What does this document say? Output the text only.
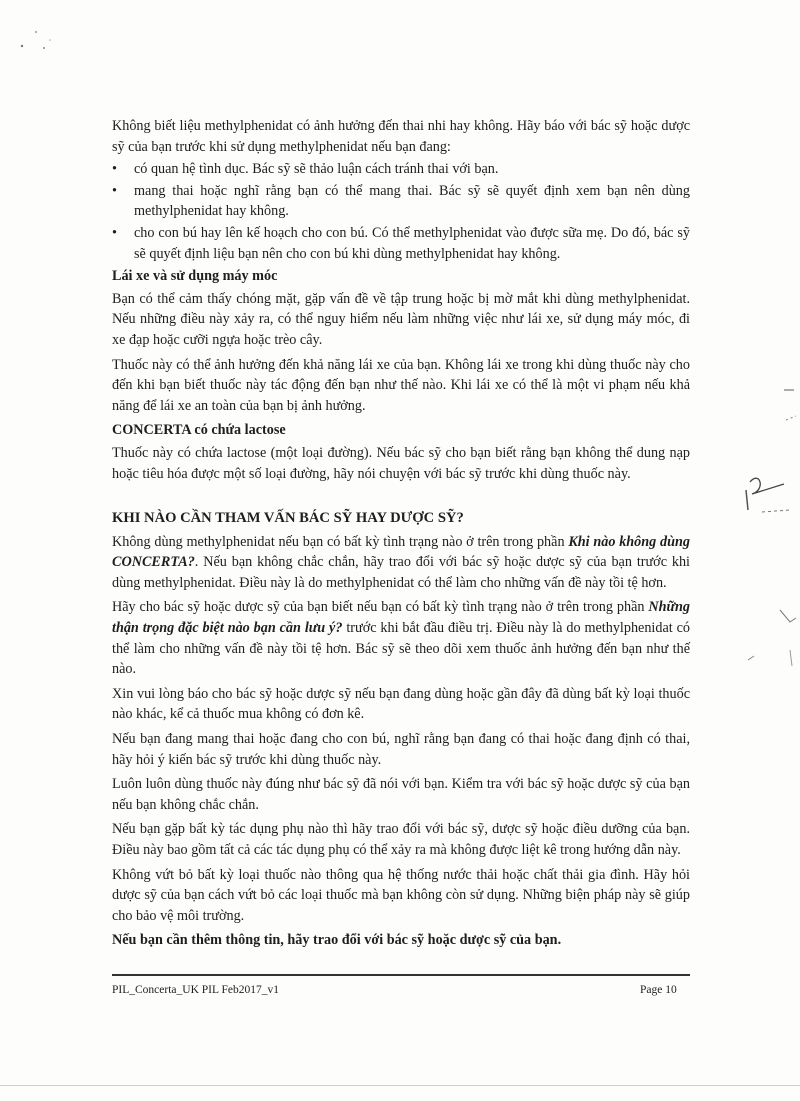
Không biết liệu methylphenidat có ảnh hưởng đến thai nhi hay không. Hãy báo với bác sỹ hoặc dược sỹ của bạn trước khi sử dụng methylphenidat nếu bạn đang:

• có quan hệ tình dục. Bác sỹ sẽ thảo luận cách tránh thai với bạn.
• mang thai hoặc nghĩ rằng bạn có thể mang thai. Bác sỹ sẽ quyết định xem bạn nên dùng methylphenidat hay không.
• cho con bú hay lên kế hoạch cho con bú. Có thể methylphenidat vào được sữa mẹ. Do đó, bác sỹ sẽ quyết định liệu bạn nên cho con bú khi dùng methylphenidat hay không.
Lái xe và sử dụng máy móc

Bạn có thể cảm thấy chóng mặt, gặp vấn đề về tập trung hoặc bị mờ mắt khi dùng methylphenidat. Nếu những điều này xảy ra, có thể nguy hiểm nếu làm những việc như lái xe, sử dụng máy móc, đi xe đạp hoặc cưỡi ngựa hoặc trèo cây.

Thuốc này có thể ảnh hưởng đến khả năng lái xe của bạn. Không lái xe trong khi dùng thuốc này cho đến khi bạn biết thuốc này tác động đến bạn như thế nào. Khi lái xe có thể là một vi phạm nếu khả năng để lái xe an toàn của bạn bị ảnh hưởng.

CONCERTA có chứa lactose

Thuốc này có chứa lactose (một loại đường). Nếu bác sỹ cho bạn biết rằng bạn không thể dung nạp hoặc tiêu hóa được một số loại đường, hãy nói chuyện với bác sỹ trước khi dùng thuốc này.

KHI NÀO CẦN THAM VẤN BÁC SỸ HAY DƯỢC SỸ?

Không dùng methylphenidat nếu bạn có bất kỳ tình trạng nào ở trên trong phần Khi nào không dùng CONCERTA?. Nếu bạn không chắc chắn, hãy trao đổi với bác sỹ hoặc dược sỹ của bạn trước khi dùng methylphenidat. Điều này là do methylphenidat có thể làm cho những vấn đề này tồi tệ hơn.

Hãy cho bác sỹ hoặc dược sỹ của bạn biết nếu bạn có bất kỳ tình trạng nào ở trên trong phần Những thận trọng đặc biệt nào bạn cần lưu ý? trước khi bắt đầu điều trị. Điều này là do methylphenidat có thể làm cho những vấn đề này tồi tệ hơn. Bác sỹ sẽ theo dõi xem thuốc ảnh hưởng đến bạn như thế nào.

Xin vui lòng báo cho bác sỹ hoặc dược sỹ nếu bạn đang dùng hoặc gần đây đã dùng bất kỳ loại thuốc nào khác, kể cả thuốc mua không có đơn kê.

Nếu bạn đang mang thai hoặc đang cho con bú, nghĩ rằng bạn đang có thai hoặc đang định có thai, hãy hỏi ý kiến bác sỹ trước khi dùng thuốc này.

Luôn luôn dùng thuốc này đúng như bác sỹ đã nói với bạn. Kiểm tra với bác sỹ hoặc dược sỹ của bạn nếu bạn không chắc chắn.

Nếu bạn gặp bất kỳ tác dụng phụ nào thì hãy trao đổi với bác sỹ, dược sỹ hoặc điều dưỡng của bạn. Điều này bao gồm tất cả các tác dụng phụ có thể xảy ra mà không được liệt kê trong hướng dẫn này.

Không vứt bỏ bất kỳ loại thuốc nào thông qua hệ thống nước thải hoặc chất thải gia đình. Hãy hỏi dược sỹ của bạn cách vứt bỏ các loại thuốc mà bạn không còn sử dụng. Những biện pháp này sẽ giúp cho bảo vệ môi trường.

Nếu bạn cần thêm thông tin, hãy trao đổi với bác sỹ hoặc dược sỹ của bạn.

PIL_Concerta_UK PIL Feb2017_v1	Page 10
